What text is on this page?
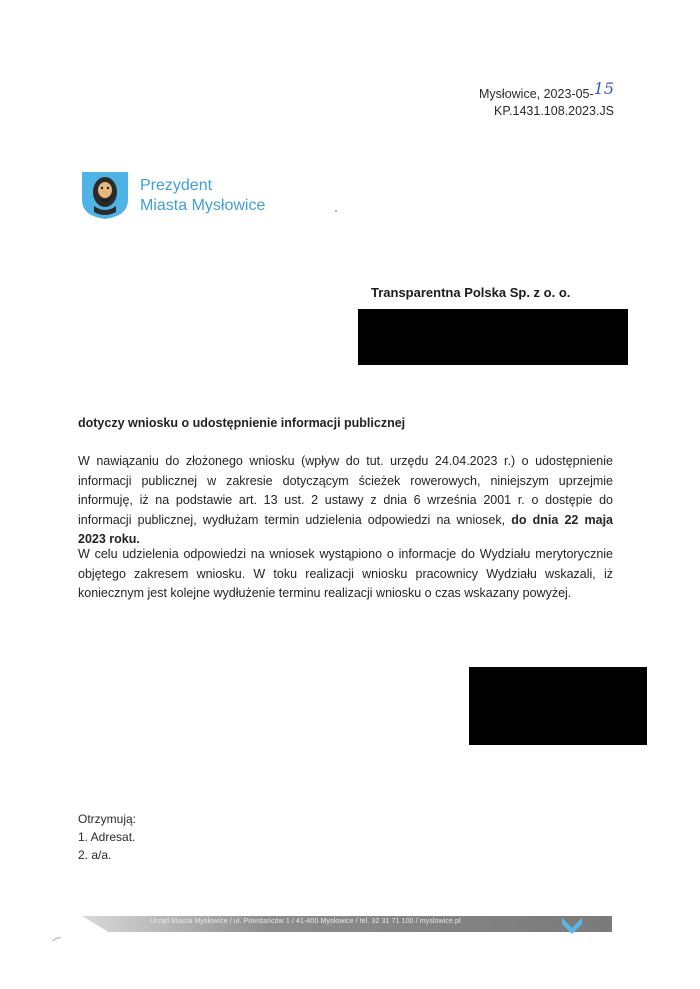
Mysłowice, 2023-05-15
KP.1431.108.2023.JS
Prezydent
Miasta Mysłowice
Transparentna Polska Sp. z o. o.
dotyczy wniosku o udostępnienie informacji publicznej
W nawiązaniu do złożonego wniosku (wpływ do tut. urzędu 24.04.2023 r.) o udostępnienie informacji publicznej w zakresie dotyczącym ścieżek rowerowych, niniejszym uprzejmie informuję, iż na podstawie art. 13 ust. 2 ustawy z dnia 6 września 2001 r. o dostępie do informacji publicznej, wydłużam termin udzielenia odpowiedzi na wniosek, do dnia 22 maja 2023 roku.
W celu udzielenia odpowiedzi na wniosek wystąpiono o informacje do Wydziału merytorycznie objętego zakresem wniosku. W toku realizacji wniosku pracownicy Wydziału wskazali, iż koniecznym jest kolejne wydłużenie terminu realizacji wniosku o czas wskazany powyżej.
Otrzymują:
1. Adresat.
2. a/a.
Urząd Miasta Mysłowice / ul. Powstańców 1 / 41-400 Mysłowice / tel. 32 31 71 100 / myslowice.pl
